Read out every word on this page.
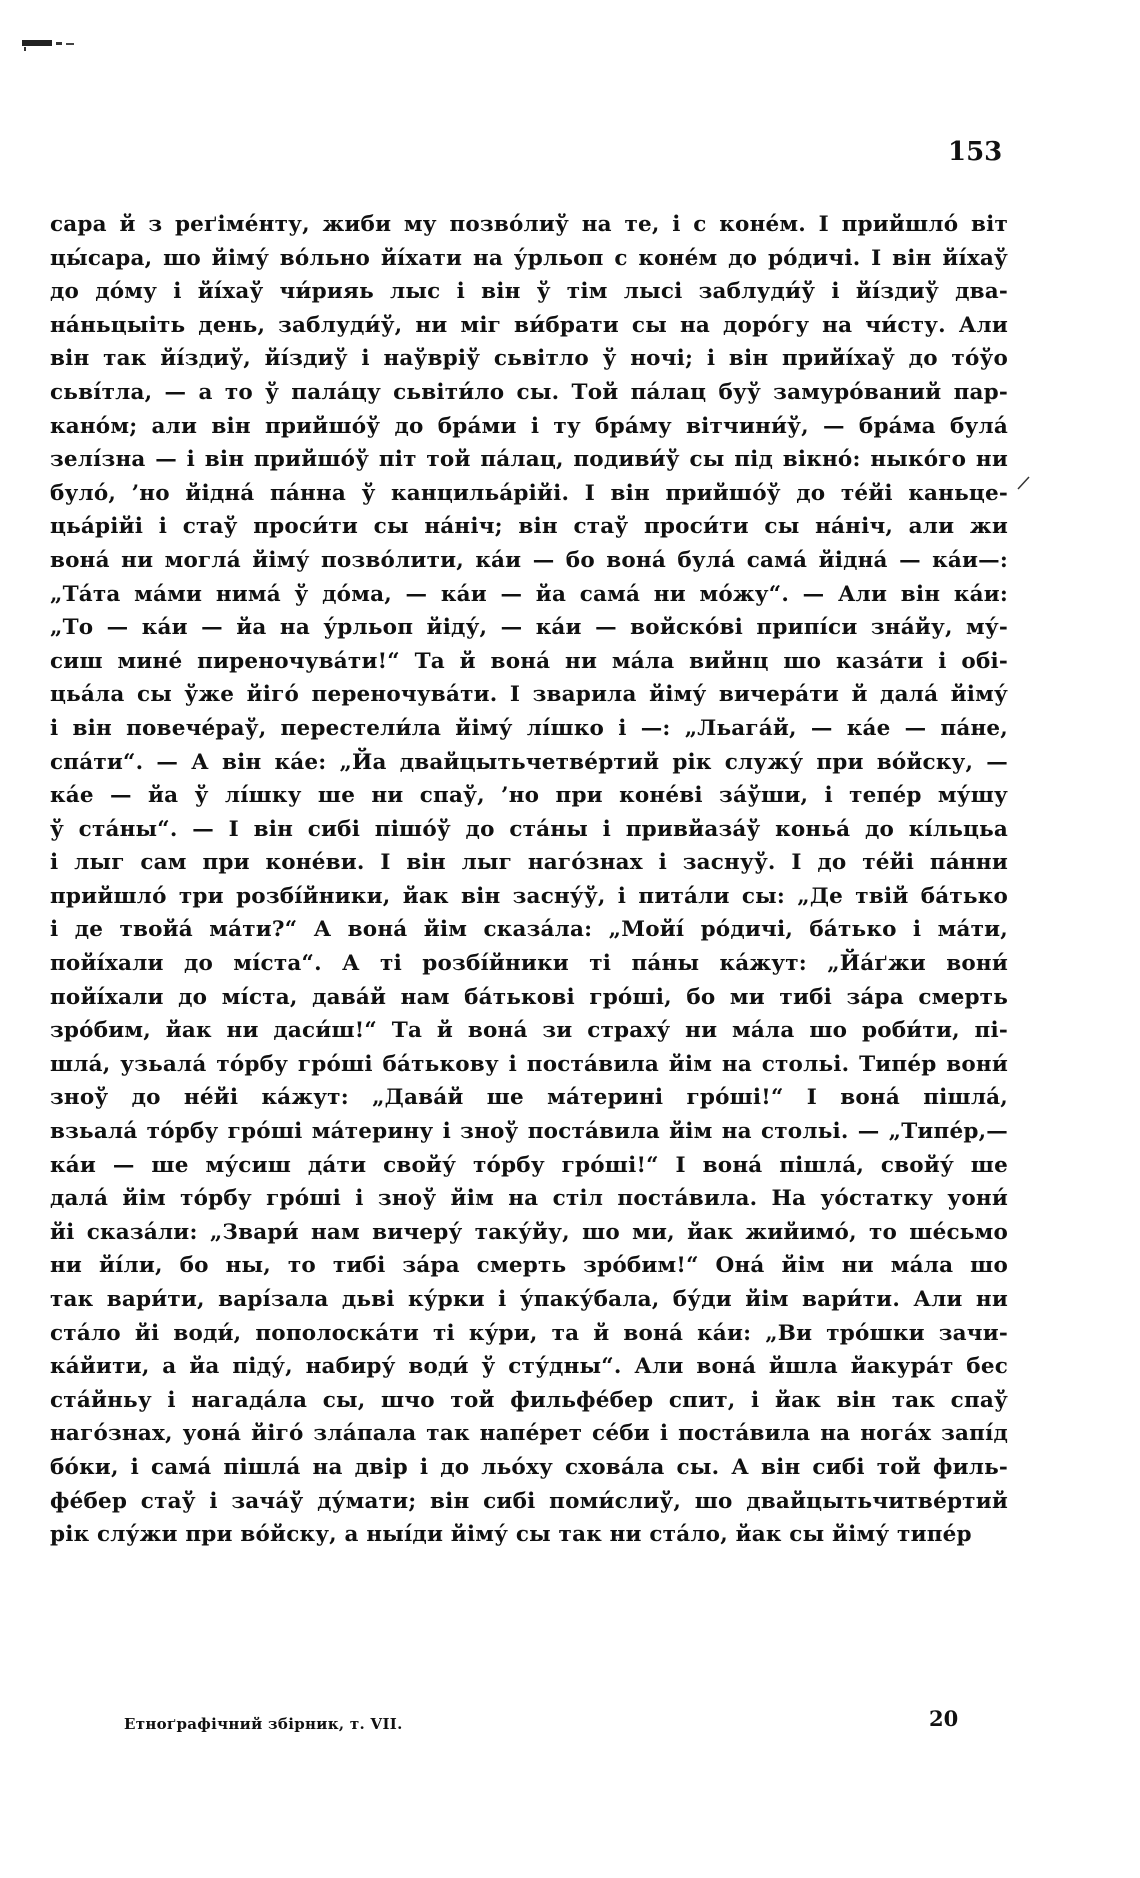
153
сара й з реґіме́нту, жиби му позво́лиў на те, і с коне́м. І прийшло́ віт
цы́сара, шо йіму́ во́льно йі́хати на у́рльоп с коне́м до ро́дичі. І він йі́хаў
до до́му і йі́хаў чи́рияь лыс і він ў тім лысі заблуди́ў і йі́здиў два-
на́ньцыіть день, заблуди́ў, ни міг ви́брати сы на доро́гу на чи́сту. Али
він так йі́здиў, йі́здиў і наўвріў сьвітло ў ночі; і він прийі́хаў до то́ўо
сьві́тла, — а то ў пала́цу сьвіти́ло сы. Той па́лац буў замуро́ваний пар-
кано́м; али він прийшо́ў до бра́ми і ту бра́му вітчини́ў, — бра́ма була́
зелі́зна — і він прийшо́ў піт той па́лац, подиви́ў сы під вікно́: ныко́го ни
було́, ’но йідна́ па́нна ў канцильа́рійі. І він прийшо́ў до те́йі каньце-
цьа́рійі і стаў проси́ти сы на́ніч; він стаў проси́ти сы на́ніч, али жи
вона́ ни могла́ йіму́ позво́лити, ка́и — бо вона́ була́ сама́ йідна́ — ка́и—:
„Та́та ма́ми нима́ ў до́ма, — ка́и — йа сама́ ни мо́жу“. — Али він ка́и:
„То — ка́и — йа на у́рльоп йіду́, — ка́и — войско́ві припі́си зна́йу, му́-
сиш мине́ пиреночува́ти!“ Та й вона́ ни ма́ла вийнц шо каза́ти і обі-
цьа́ла сы ўже йіго́ переночува́ти. І зварила йіму́ вичера́ти й дала́ йіму́
і він повече́раў, перестели́ла йіму́ лі́шко і —: „Льага́й, — ка́е — па́не,
спа́ти“. — А він ка́е: „Йа двайцытьчетве́ртий рік служу́ при во́йску, —
ка́е — йа ў лі́шку ше ни спаў, ’но при коне́ві за́ўши, і тепе́р му́шу
ў ста́ны“. — І він сибі пішо́ў до ста́ны і привйаза́ў коньа́ до кі́льцьа
і лыг сам при коне́ви. І він лыг наго́знах і заснуў. І до те́йі па́нни
прийшло́ три розбі́йники, йак він засну́ў, і пита́ли сы: „Де твій ба́тько
і де твойа́ ма́ти?“ А вона́ йім сказа́ла: „Мойі́ ро́дичі, ба́тько і ма́ти,
пойі́хали до мі́ста“. А ті розбі́йники ті па́ны ка́жут: „Йа́ґжи вони́
пойі́хали до мі́ста, дава́й нам ба́тькові гро́ші, бо ми тибі за́ра смерть
зро́бим, йак ни даси́ш!“ Та й вона́ зи страху́ ни ма́ла шо роби́ти, пі-
шла́, узьала́ то́рбу гро́ші ба́тькову і поста́вила йім на стольі. Типе́р вони́
зноў до не́йі ка́жут: „Дава́й ше ма́терині гро́ші!“ І вона́ пішла́,
взьала́ то́рбу гро́ші ма́терину і зноў поста́вила йім на стольі. — „Типе́р,—
ка́и — ше му́сиш да́ти свойу́ то́рбу гро́ші!“ І вона́ пішла́, свойу́ ше
дала́ йім то́рбу гро́ші і зноў йім на стіл поста́вила. На уо́статку уони́
йі сказа́ли: „Звари́ нам вичеру́ таку́йу, шо ми, йак жийимо́, то ше́сьмо
ни йі́ли, бо ны, то тибі за́ра смерть зро́бим!“ Она́ йім ни ма́ла шо
так вари́ти, варі́зала дьві ку́рки і у́паку́бала, бу́ди йім вари́ти. Али ни
ста́ло йі води́, пополоска́ти ті ку́ри, та й вона́ ка́и: „Ви тро́шки зачи-
ка́йити, а йа піду́, набиру́ води́ ў сту́дны“. Али вона́ йшла йакура́т бес
ста́йньу і нагада́ла сы, шчо той фильфе́бер спит, і йак він так спаў
наго́знах, уона́ йіго́ зла́пала так напе́рет се́би і поста́вила на нога́х запі́д
бо́ки, і сама́ пішла́ на двір і до льо́ху схова́ла сы. А він сибі той филь-
фе́бер стаў і зача́ў ду́мати; він сибі поми́слиў, шо двайцытьчитве́ртий
рік слу́жи при во́йску, а ныі́ди йіму́ сы так ни ста́ло, йак сы йіму́ типе́р
Етноґрафічний збірник, т. VII.	20
